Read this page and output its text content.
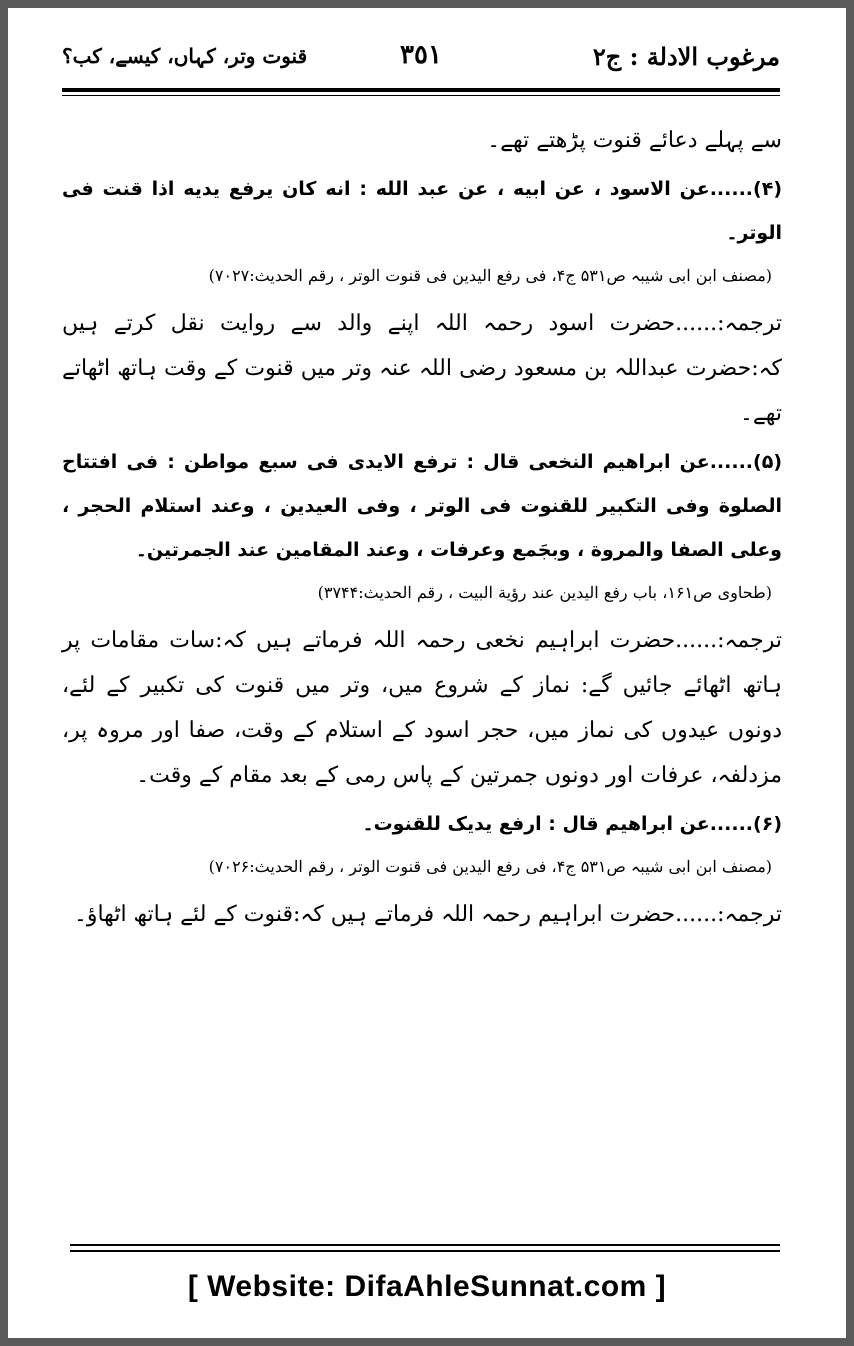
مرغوب الادلة : ج٢
٣٥١
قنوت وتر، کہاں، کیسے، کب؟

سے پہلے دعائے قنوت پڑھتے تھے۔

(۴)......عن الاسود ، عن ابیه ، عن عبد الله : انه کان یرفع یدیه اذا قنت فی الوتر۔

(مصنف ابن ابی شیبہ ص۵۳۱ ج۴، فی رفع الیدین فی قنوت الوتر ، رقم الحدیث:۷۰۲۷)

ترجمہ:......حضرت اسود رحمہ اللہ اپنے والد سے روایت نقل کرتے ہیں کہ:حضرت عبداللہ بن مسعود رضی اللہ عنہ وتر میں قنوت کے وقت ہاتھ اٹھاتے تھے۔

(۵)......عن ابراهیم النخعی قال : ترفع الایدی فی سبع مواطن : فی افتتاح الصلوة وفی التکبیر للقنوت فی الوتر ، وفی العیدین ، وعند استلام الحجر ، وعلی الصفا والمروة ، وبجَمع وعرفات ، وعند المقامین عند الجمرتین۔

(طحاوی ص۱۶۱، باب رفع الیدین عند رؤیة البیت ، رقم الحدیث:۳۷۴۴)

ترجمہ:......حضرت ابراہیم نخعی رحمہ اللہ فرماتے ہیں کہ:سات مقامات پر ہاتھ اٹھائے جائیں گے: نماز کے شروع میں، وتر میں قنوت کی تکبیر کے لئے، دونوں عیدوں کی نماز میں، حجر اسود کے استلام کے وقت، صفا اور مروہ پر، مزدلفہ، عرفات اور دونوں جمرتین کے پاس رمی کے بعد مقام کے وقت۔

(۶)......عن ابراهیم قال : ارفع یدیک للقنوت۔

(مصنف ابن ابی شیبہ ص۵۳۱ ج۴، فی رفع الیدین فی قنوت الوتر ، رقم الحدیث:۷۰۲۶)

ترجمہ:......حضرت ابراہیم رحمہ اللہ فرماتے ہیں کہ:قنوت کے لئے ہاتھ اٹھاؤ۔

[ Website: DifaAhleSunnat.com ]
